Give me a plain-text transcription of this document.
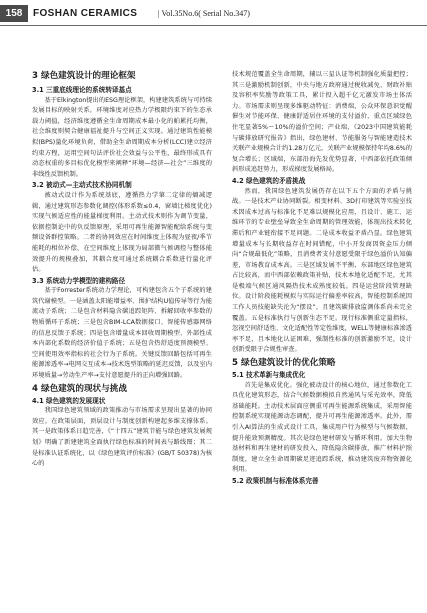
158	FOSHAN CERAMICS	| Vol.35No.6( Serial No.347)
3 绿色建筑设计的理论框架
3.1 三重底线理论的系统转译基点

基于Elkington提出的ESG理论框架，构建建筑系统与可持续发展目标的映射关系，环境维度对应热力学极限约束下的生态承载力阈值，经济维度遵循全生命周期成本最小化的帕累托均衡，社会维度则契合健康福祉提升与空间正义实现。通过建筑性能模拟(BPS)量化环境负荷，借助全生命周期成本分析(LCC)建立经济约束方程，运用空间句法评价社会效益与公平性，最终形成具有动态权重的多目标优化模型来阐释“环境—经济—社会”三维度的非线性反馈机制。

3.2 被动式—主动式技术协同机制

被动式设计作为系统基底，遵循热力学第二定律的熵减逻辑，通过建筑形态参数化调控(体形系数≤0.4，窗墙比梯度优化)实现气候适应性的能量梯度利用。主动式技术则作为调节变量，依据控制论中的负反馈原理，采用可再生能源智能配给系统与变频设备群控策略。二者的协同效应在时间维度上体现为昼夜/季节能耗的相位补偿，在空间维度上体现为局部微气候调控与整体能效提升的规模叠加，其耦合度可通过系统耦合系数进行量化评估。

3.3 系统动力学模型的建构路径

基于Forrester系统动力学理论，可构建包含五个子系统的建筑代谢模型。一是涵盖太阳能增益率、围护结构U值传导等行为能流动子系统；二是包含材料隐含碳追踪矩阵、拆解回收率参数的物质循环子系统；三是包含BIM-LCA数据接口、智能传感器网络的信息反馈子系统；四是包含增量成本回收周期模型、外部性成本内部化系数的经济价值子系统；五是包含热舒适度预测模型、空间使用效率指标的社会行为子系统。关键反馈回路包括可再生能源渗透率→电网交互成本→技术选型策略的延迟反馈，以及室内环境质量→劳动生产率→支付意愿提升的正向增强回路。

4 绿色建筑的现状与挑战
4.1 绿色建筑的发展现状

我国绿色建筑领域的政策推动与市场需求呈现出显著的协同效应。在政策层面，顶层设计与制度创新构建起多维支撑体系。其一是政策体系日趋完善，《“十四五”建筑节能与绿色建筑发展规划》明确了新建建筑全面执行绿色标准的时间表与路线图；其二是标准认证系统化，以《绿色建筑评价标准》(GB/T 50378)为核心的

技术规范覆盖全生命周期，辅以三星认证等机制强化质量把控；其三是激励机制创新，中央与地方政府通过税收减免、财政补贴及容积率奖励等政策工具，累计投入超千亿元激发市场主体活力。市场需求则呈现多维驱动特征：消费端，公众环保意识觉醒催生对节能环保、健康舒适居住环境的支付溢价，重点区域绿色住宅显著5%～10%的溢价空间；产业端，《2023中国建筑能耗与碳排放研究报告》指出，绿色建材、节能服务与智能建造技术关联产业规模合计约1.28万亿元，关联产业规模保持年均8.6%的复合增长；区域端，东部沿海先发优势显著，中西部依托政策倾斜形成追赶势力，形成梯度发展格局。

4.2 绿色建筑的矛盾挑战

然而，我国绿色建筑发展仍存在以下五个方面的矛盾与挑战。一是技术产业协同断裂。相变材料、3D打印建筑等实验室技术因成本过高与标准化不足难以规模化应用，且设计、施工、运维环节的专业壁垒导致全生命周期的管理效能，体现出技术转化滞后和产业链衔接不足问题。二是成本收益矛盾凸显。绿色建筑增量成本与长期收益存在时间错配，中小开发商因资金压力倾向“合规最低化”策略，且消费者支付意愿受限于绿色溢价认知偏差，市场教育成本高。三是区域发展不平衡，东部地区绿色建筑占比较高，而中西部依赖政策补贴，技术本地化适配不足，尤其是极端气候区通风隔热技术成熟度较低。四是运营阶段管理缺位。设计阶段能耗模拟与实际运行偏差率较高，智能控制系统因工作人员技能缺失沦为“摆设”，且建筑碳排放监测体系尚未完全覆盖。五是标准执行与创新生态不足。现行标准侧重定量指标，忽视空间舒适性、文化适配性等定性维度，WELL等健康标准渗透率不足，且本地化认证困难，强制性标准的创新激励不足，设计创新受限于合规性审查。

5 绿色建筑设计的优化策略
5.1 技术革新与集成优化

首先是集成优化。强化被动设计的核心地位，通过参数化工具优化建筑形态，结合气候数据模拟自然通风与采光效率，降低基础能耗。主动技术层面应侧重可再生能源系统集成，采用智能控制系统实现能源动态调配，提升可再生能源渗透率。此外，需引入AI算法的生成式设计工具，集成用户行为模型与气候数据，提升能效预测精度。其次是绿色建材研发与循环利用。加大生物基材料和再生建材的研发投入，降低隐含碳排放，推广材料护照制度，建立全生命周期碳足迹追踪系统，推动建筑废弃物资源化利用。

5.2 政策机制与标准体系完善
